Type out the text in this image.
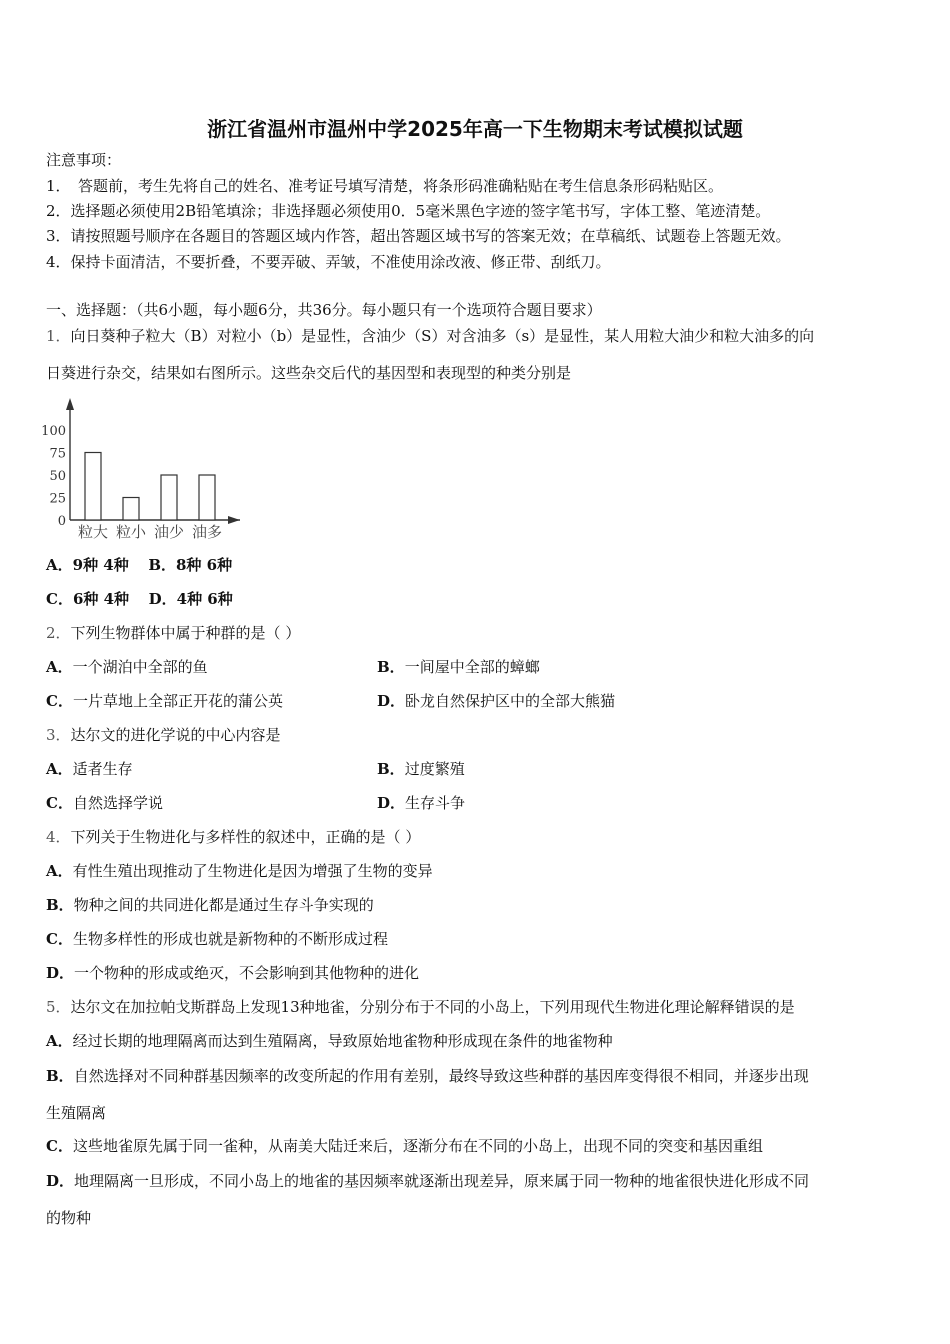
浙江省温州市温州中学2025年高一下生物期末考试模拟试题
注意事项：
1．　答题前，考生先将自己的姓名、准考证号填写清楚，将条形码准确粘贴在考生信息条形码粘贴区。
2．选择题必须使用2B铅笔填涂；非选择题必须使用0．5毫米黑色字迹的签字笔书写，字体工整、笔迹清楚。
3．请按照题号顺序在各题目的答题区域内作答，超出答题区域书写的答案无效；在草稿纸、试题卷上答题无效。
4．保持卡面清洁，不要折叠，不要弄破、弄皱，不准使用涂改液、修正带、刮纸刀。
一、选择题：（共6小题，每小题6分，共36分。每小题只有一个选项符合题目要求）
1．向日葵种子粒大（B）对粒小（b）是显性，含油少（S）对含油多（s）是显性，某人用粒大油少和粒大油多的向
日葵进行杂交，结果如右图所示。这些杂交后代的基因型和表现型的种类分别是
100
75
50
25
0
粒大 粒小 油少 油多
A．9种 4种 B．8种 6种
C．6种 4种 D．4种 6种
2．下列生物群体中属于种群的是（ ）
A．一个湖泊中全部的鱼	B．一间屋中全部的蟑螂
C．一片草地上全部正开花的蒲公英	D．卧龙自然保护区中的全部大熊猫
3．达尔文的进化学说的中心内容是
A．适者生存	B．过度繁殖
C．自然选择学说	D．生存斗争
4．下列关于生物进化与多样性的叙述中，正确的是（ ）
A．有性生殖出现推动了生物进化是因为增强了生物的变异
B．物种之间的共同进化都是通过生存斗争实现的
C．生物多样性的形成也就是新物种的不断形成过程
D．一个物种的形成或绝灭，不会影响到其他物种的进化
5．达尔文在加拉帕戈斯群岛上发现13种地雀，分别分布于不同的小岛上，下列用现代生物进化理论解释错误的是
A．经过长期的地理隔离而达到生殖隔离，导致原始地雀物种形成现在条件的地雀物种
B．自然选择对不同种群基因频率的改变所起的作用有差别，最终导致这些种群的基因库变得很不相同，并逐步出现
生殖隔离
C．这些地雀原先属于同一雀种，从南美大陆迁来后，逐渐分布在不同的小岛上，出现不同的突变和基因重组
D．地理隔离一旦形成，不同小岛上的地雀的基因频率就逐渐出现差异，原来属于同一物种的地雀很快进化形成不同
的物种
